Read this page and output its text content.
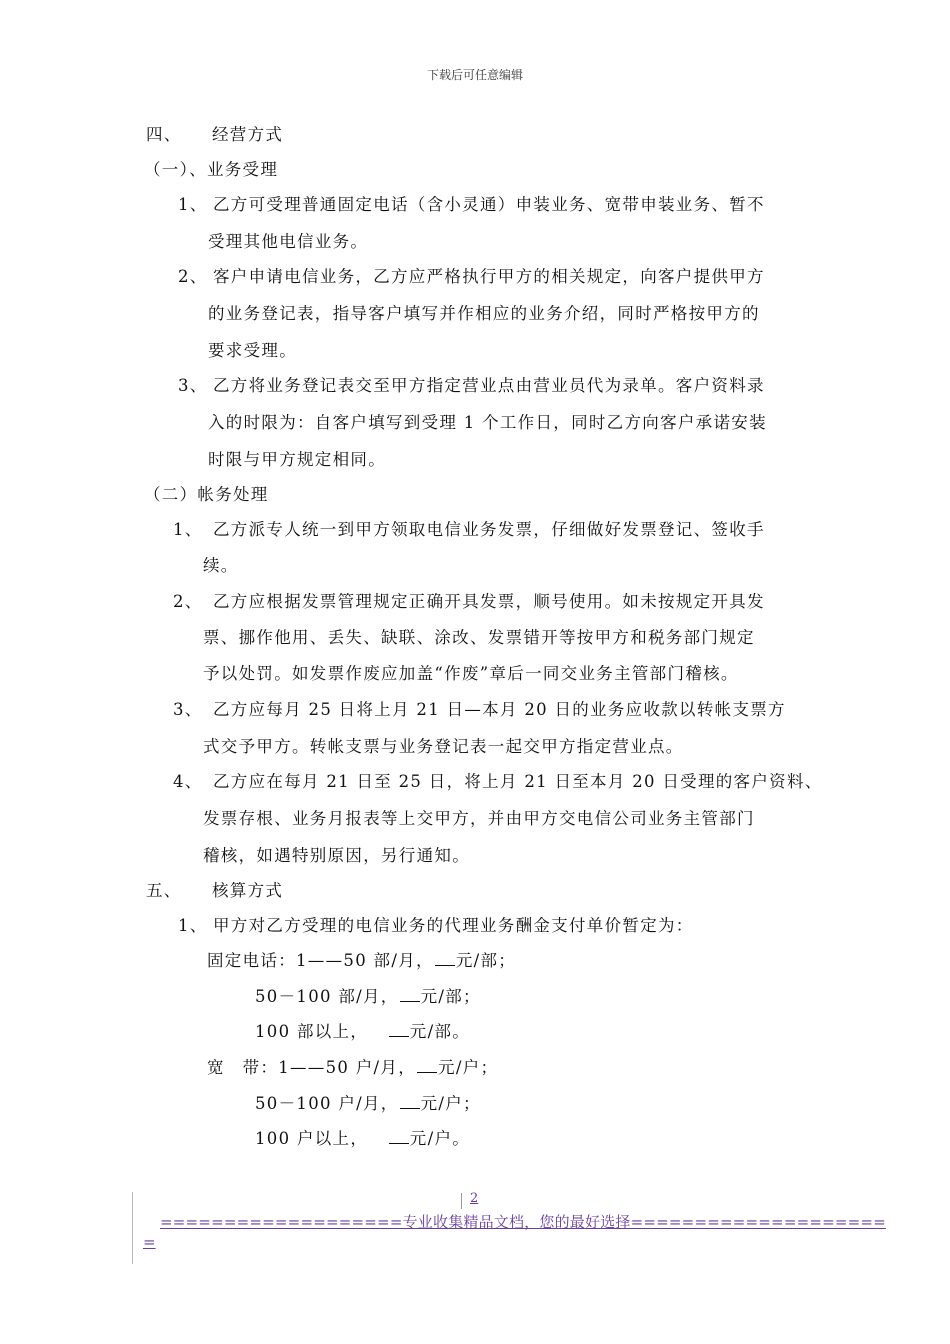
下载后可任意编辑
四、 经营方式
（一）、业务受理
1、 乙方可受理普通固定电话（含小灵通）申装业务、宽带申装业务、暂不
受理其他电信业务。
2、 客户申请电信业务，乙方应严格执行甲方的相关规定，向客户提供甲方
的业务登记表，指导客户填写并作相应的业务介绍，同时严格按甲方的
要求受理。
3、 乙方将业务登记表交至甲方指定营业点由营业员代为录单。客户资料录
入的时限为：自客户填写到受理 1 个工作日，同时乙方向客户承诺安装
时限与甲方规定相同。
（二）帐务处理
1、 乙方派专人统一到甲方领取电信业务发票，仔细做好发票登记、签收手
续。
2、 乙方应根据发票管理规定正确开具发票，顺号使用。如未按规定开具发
票、挪作他用、丢失、缺联、涂改、发票错开等按甲方和税务部门规定
予以处罚。如发票作废应加盖“作废”章后一同交业务主管部门稽核。
3、 乙方应每月 25 日将上月 21 日—本月 20 日的业务应收款以转帐支票方
式交予甲方。转帐支票与业务登记表一起交甲方指定营业点。
4、 乙方应在每月 21 日至 25 日，将上月 21 日至本月 20 日受理的客户资料、
发票存根、业务月报表等上交甲方，并由甲方交电信公司业务主管部门
稽核，如遇特别原因，另行通知。
五、 核算方式
1、 甲方对乙方受理的电信业务的代理业务酬金支付单价暂定为：
固定电话：1——50 部/月， 元/部；
50－100 部/月， 元/部；
100 部以上，	元/部。
宽　带：1——50 户/月， 元/户；
50－100 户/月， 元/户；
100 户以上，	元/户。
2
===================专业收集精品文档，您的最好选择====================
=
